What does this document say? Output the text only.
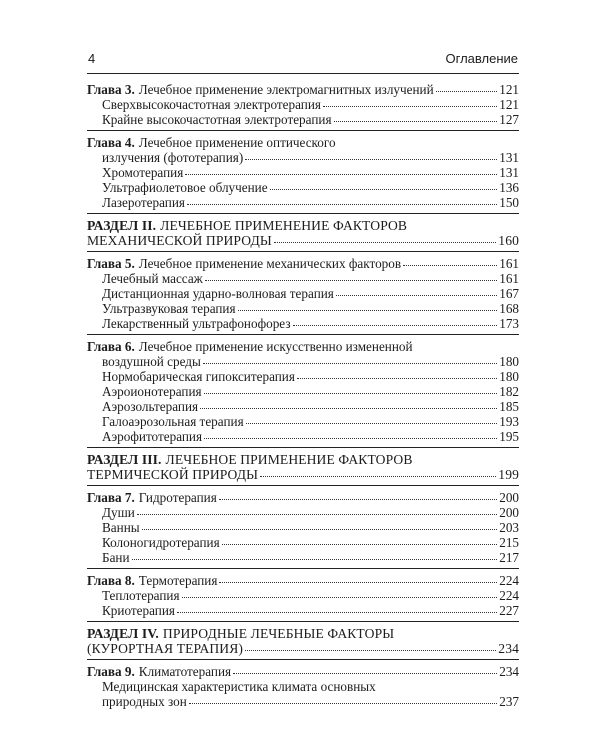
4	Оглавление
Глава 3. Лечебное применение электромагнитных излучений	121
Сверхвысокочастотная электротерапия	121
Крайне высокочастотная электротерапия	127
Глава 4. Лечебное применение оптического
излучения (фототерапия)	131
Хромотерапия	131
Ультрафиолетовое облучение	136
Лазеротерапия	150
РАЗДЕЛ II. ЛЕЧЕБНОЕ ПРИМЕНЕНИЕ ФАКТОРОВ
МЕХАНИЧЕСКОЙ ПРИРОДЫ	160
Глава 5. Лечебное применение механических факторов	161
Лечебный массаж	161
Дистанционная ударно-волновая терапия	167
Ультразвуковая терапия	168
Лекарственный ультрафонофорез	173
Глава 6. Лечебное применение искусственно измененной
воздушной среды	180
Нормобарическая гипокситерапия	180
Аэроионотерапия	182
Аэрозольтерапия	185
Галоаэрозольная терапия	193
Аэрофитотерапия	195
РАЗДЕЛ III. ЛЕЧЕБНОЕ ПРИМЕНЕНИЕ ФАКТОРОВ
ТЕРМИЧЕСКОЙ ПРИРОДЫ	199
Глава 7. Гидротерапия	200
Души	200
Ванны	203
Колоногидротерапия	215
Бани	217
Глава 8. Термотерапия	224
Теплотерапия	224
Криотерапия	227
РАЗДЕЛ IV. ПРИРОДНЫЕ ЛЕЧЕБНЫЕ ФАКТОРЫ
(КУРОРТНАЯ ТЕРАПИЯ)	234
Глава 9. Климатотерапия	234
Медицинская характеристика климата основных
природных зон	237
